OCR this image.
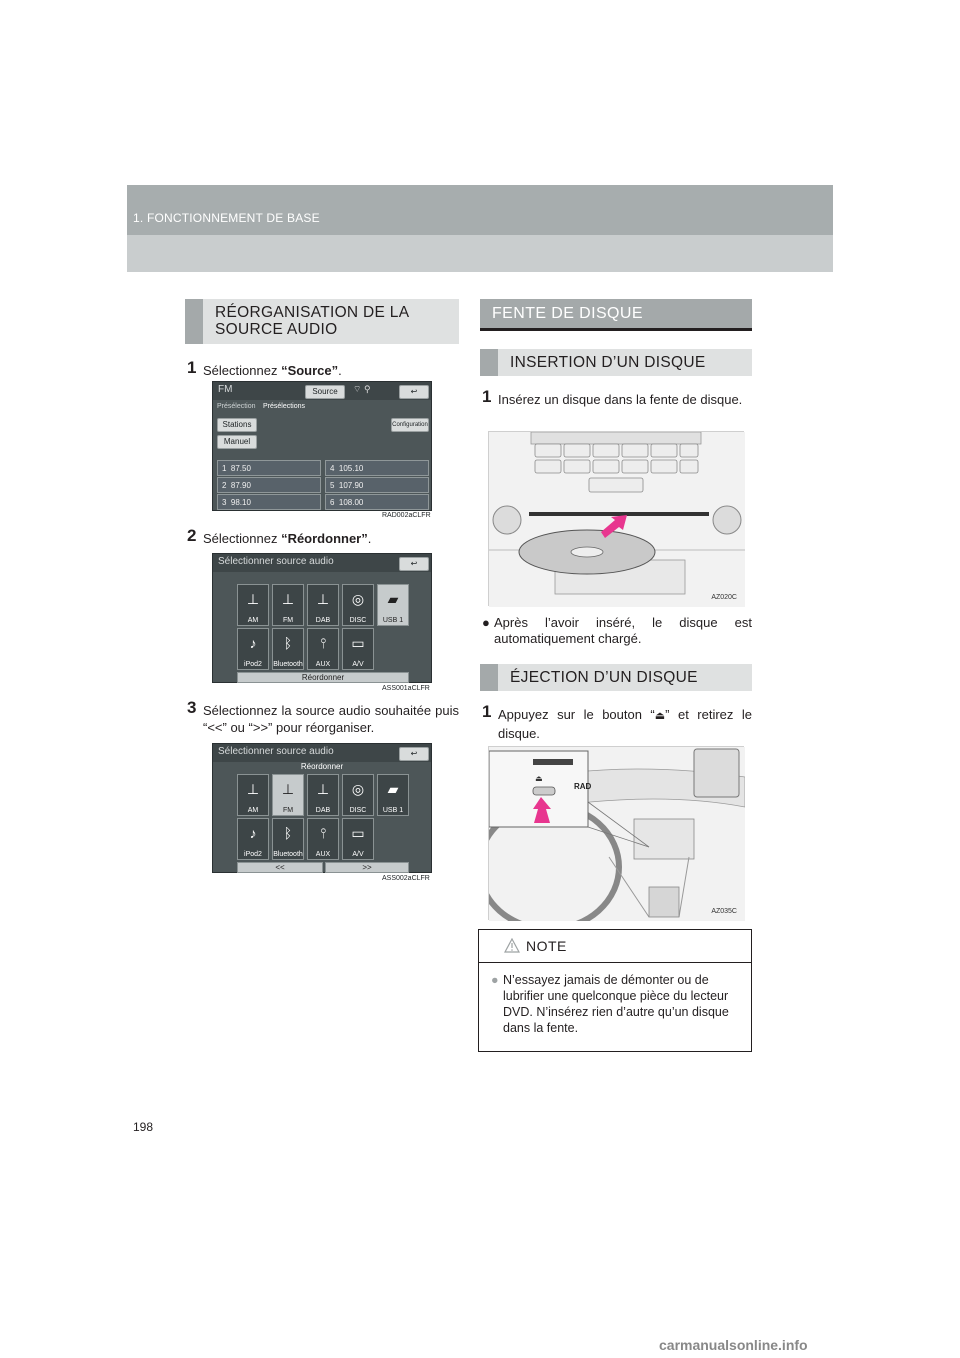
1. FONCTIONNEMENT DE BASE
RÉORGANISATION DE LA
SOURCE AUDIO
1 Sélectionnez “Source”.
FM	Source	⌔ ⚲	↩
Présélection Présélections
Stations
Manuel
Configuration
1 87.50	4 105.10
2 87.90	5 107.90
3 98.10	6 108.00
RAD002aCLFR
2 Sélectionnez “Réordonner”.
Sélectionner source audio	↩
⊥
AM
⊥
FM
⊥
DAB
◎
DISC
▰
USB 1
♪
iPod2
ᛒ
Bluetooth
⫯
AUX
▭
A/V
Réordonner
ASS001aCLFR
3 Sélectionnez la source audio souhaitée puis “<<” ou “>>” pour réorganiser.
Sélectionner source audio	↩
Réordonner
⊥
AM
⊥
FM
⊥
DAB
◎
DISC
▰
USB 1
♪
iPod2
ᛒ
Bluetooth
⫯
AUX
▭
A/V
<<	>>
ASS002aCLFR
FENTE DE DISQUE
INSERTION D’UN DISQUE
1 Insérez un disque dans la fente de disque.
AZ020C
● Après l’avoir inséré, le disque est automatiquement chargé.
ÉJECTION D’UN DISQUE
1 Appuyez sur le bouton “⏏” et retirez le disque.
⏏
RAD
AZ035C
NOTE
● N’essayez jamais de démonter ou de lubrifier une quelconque pièce du lecteur DVD. N’insérez rien d’autre qu’un disque dans la fente.
198
carmanualsonline.info
